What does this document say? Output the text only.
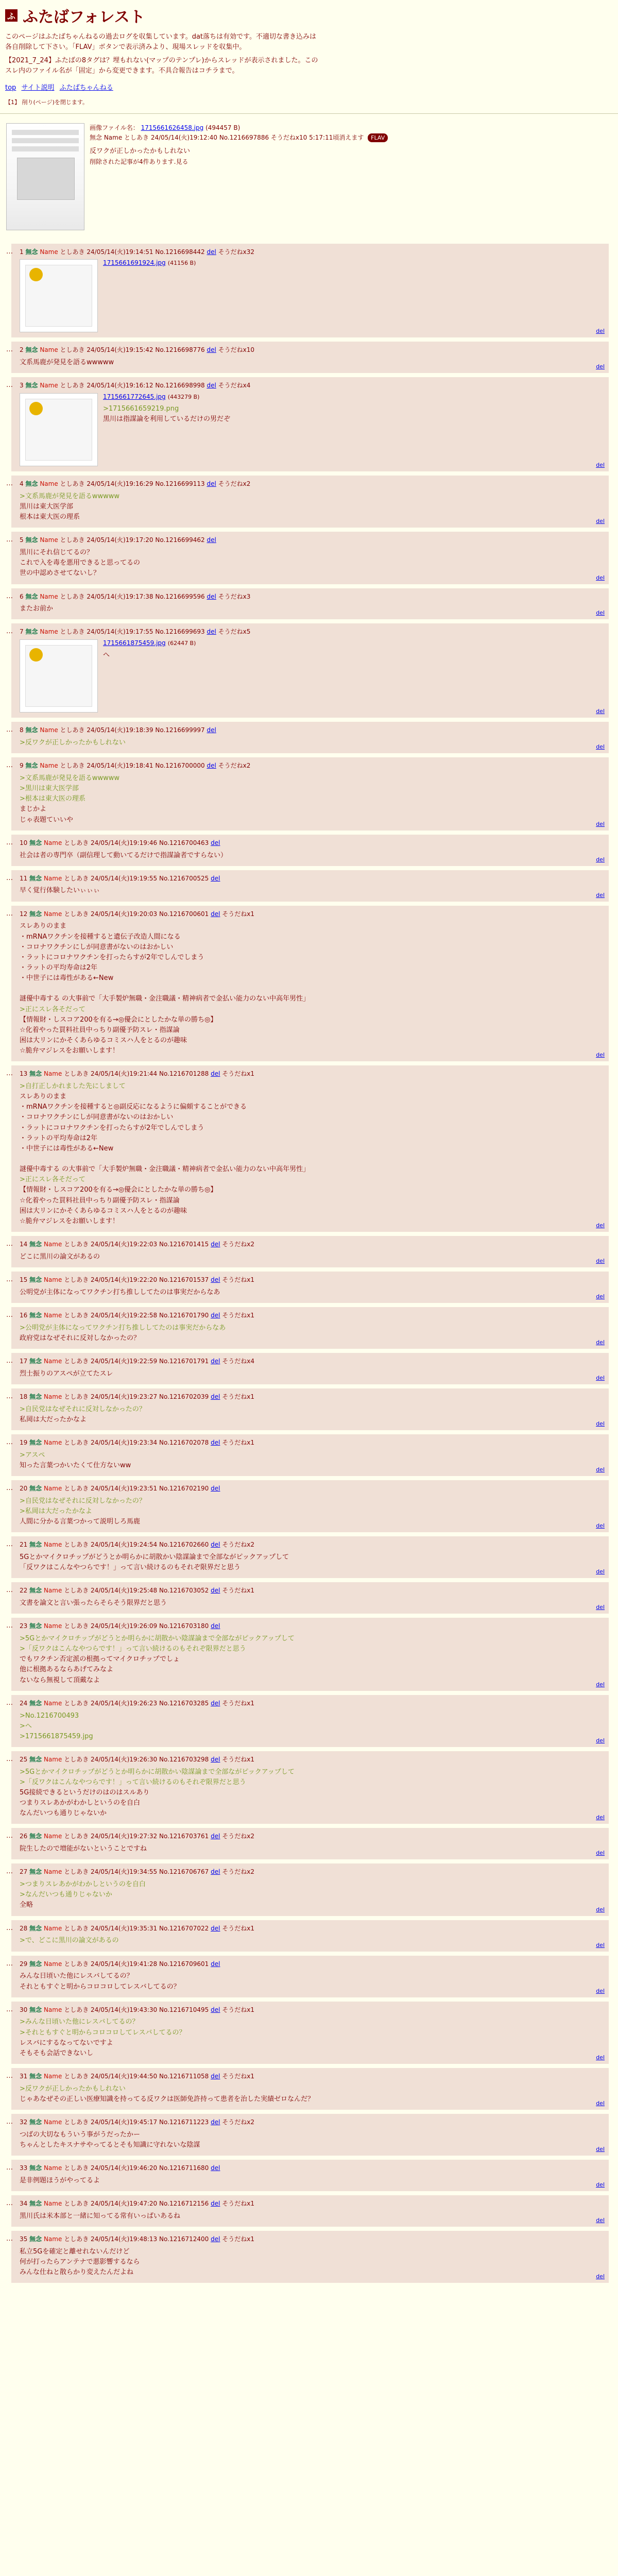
ふ ふたばフォレスト

このページはふたばちゃんねるの過去ログを収集しています。dat落ちは有効です。不適切な書き込みは各自削除して下さい。「FLAV」ボタンで表示済みより、現場スレッドを収集中。

【2021_7_24】ふたばの8タグは？埋もれない(マップのテンプレ)からスレッドが表示されました。このスレ内のファイル名が「固定」から変更できます。不具合報告はコチラまで。

top サイト説明 ふたばちゃんねる
【1】 削り(ページ)を閉じます。
画像ファイル名： 1715661626458.jpg (494457 B)
無念 Name としあき 24/05/14(火)19:12:40 No.1216697886 そうだねx10 5:17:11頃消えます FLAV
反ワクが正しかったかもしれない
削除された記事が4件あります.見る
… 1 無念 Name としあき 24/05/14(火)19:14:51 No.1216698442 del そうだねx32
1715661691924.jpg (41156 B)
del
… 2 無念 Name としあき 24/05/14(火)19:15:42 No.1216698776 del そうだねx10
文系馬鹿が発見を語るwwwww
del
… 3 無念 Name としあき 24/05/14(火)19:16:12 No.1216698998 del そうだねx4
1715661772645.jpg (443279 B)
>1715661659219.png
黒川は指謀論を利用しているだけの男だぞ
del
… 4 無念 Name としあき 24/05/14(火)19:16:29 No.1216699113 del そうだねx2
>文系馬鹿が発見を語るwwwww
黒川は東大医学部
根本は東大医の理系
del
… 5 無念 Name としあき 24/05/14(火)19:17:20 No.1216699462 del
黒川にそれ信じてるの？
これで入を毒を悪用できると思ってるの
世の中認めさせてないし？
del
… 6 無念 Name としあき 24/05/14(火)19:17:38 No.1216699596 del そうだねx3
またお前か
del
… 7 無念 Name としあき 24/05/14(火)19:17:55 No.1216699693 del そうだねx5
1715661875459.jpg (62447 B)
へ
del
… 8 無念 Name としあき 24/05/14(火)19:18:39 No.1216699997 del
>反ワクが正しかったかもしれない
del
… 9 無念 Name としあき 24/05/14(火)19:18:41 No.1216700000 del そうだねx2
>文系馬鹿が発見を語るwwwww
>黒川は東大医学部
>根本は東大医の理系
まじかよ
じゃ表題ていいや
del
… 10 無念 Name としあき 24/05/14(火)19:19:46 No.1216700463 del
社会は者の専門卒（副信理して動いてるだけで指謀論者ですらない）
del
… 11 無念 Name としあき 24/05/14(火)19:19:55 No.1216700525 del
早く覚行体験したいぃぃぃ
del
… 12 無念 Name としあき 24/05/14(火)19:20:03 No.1216700601 del そうだねx1
スレありのまま
・mRNAワクチンを接種すると遺伝子改造人間になる
・コロナワクチンにしが同意書がないのはおかしい
・ラットにコロナワクチンを打ったらすが2年でしんでしまう
・ラットの平均寿命は2年
・中世子には毒性がある←New

謎優中毒する の大事前で「大手製炉無職・金注職議・精神病者で金払い能力のない中高年男性」
>正にスレ各そだって
【情報財・しスコア200を有る→◎優会にとしたかな単の勝ち◎】
☆化着やった買料社員中っちり副優予防スレ・指謀論
困は大リンにかそくあらゆるコミスハ人をとるのが趣味
☆脆弁マジレスをお願いします！
del
… 13 無念 Name としあき 24/05/14(火)19:21:44 No.1216701288 del そうだねx1
>自打正しかれました先にしまして
スレありのまま
・mRNAワクチンを接種すると◎副反応になるように偏頗することができる
・コロナワクチンにしが同意書がないのはおかしい
・ラットにコロナワクチンを打ったらすが2年でしんでしまう
・ラットの平均寿命は2年
・中世子には毒性がある←New

謎優中毒する の大事前で「大手製炉無職・金注職議・精神病者で金払い能力のない中高年男性」
>正にスレ各そだって
【情報財・しスコア200を有る→◎優会にとしたかな単の勝ち◎】
☆化着やった買料社員中っちり副優予防スレ・指謀論
困は大リンにかそくあらゆるコミスハ人をとるのが趣味
☆脆弁マジレスをお願いします！
del
… 14 無念 Name としあき 24/05/14(火)19:22:03 No.1216701415 del そうだねx2
どこに黒川の論文があるの
del
… 15 無念 Name としあき 24/05/14(火)19:22:20 No.1216701537 del そうだねx1
公明党が主体になってワクチン打ち推ししてたのは事実だからなあ
del
… 16 無念 Name としあき 24/05/14(火)19:22:58 No.1216701790 del そうだねx1
>公明党が主体になってワクチン打ち推ししてたのは事実だからなあ
政府党はなぜそれに反対しなかったの？
del
… 17 無念 Name としあき 24/05/14(火)19:22:59 No.1216701791 del そうだねx4
烈士振りのアスペが立てたスレ
del
… 18 無念 Name としあき 24/05/14(火)19:23:27 No.1216702039 del そうだねx1
>自民党はなぜそれに反対しなかったの？
私岡は大だったかなよ
del
… 19 無念 Name としあき 24/05/14(火)19:23:34 No.1216702078 del そうだねx1
>アスペ
知った言葉つかいたくて仕方ないww
del
… 20 無念 Name としあき 24/05/14(火)19:23:51 No.1216702190 del
>自民党はなぜそれに反対しなかったの？
>私岡は大だったかなよ
人間に分かる言葉つかって説明しろ馬鹿
del
… 21 無念 Name としあき 24/05/14(火)19:24:54 No.1216702660 del そうだねx2
5Gとかマイクロチップがどうとか明らかに胡散かい陰謀論まで全部ながピックアップして
「反ワクはこんなやつらです！」って言い続けるのもそれぞ限界だと思う
del
… 22 無念 Name としあき 24/05/14(火)19:25:48 No.1216703052 del そうだねx1
文書を論文と言い張ったらそらそう限界だと思う
del
… 23 無念 Name としあき 24/05/14(火)19:26:09 No.1216703180 del
>5Gとかマイクロチップがどうとか明らかに胡散かい陰謀論まで全部ながピックアップして
>「反ワクはこんなやつらです！」って言い続けるのもそれぞ限界だと思う
でもワクチン否定派の根拠ってマイクロチップでしょ
他に根拠あるならあげてみなよ
ないなら無視して頂戴なよ
del
… 24 無念 Name としあき 24/05/14(火)19:26:23 No.1216703285 del そうだねx1
>No.1216700493
>へ
>1715661875459.jpg
del
… 25 無念 Name としあき 24/05/14(火)19:26:30 No.1216703298 del そうだねx1
>5Gとかマイクロチップがどうとか明らかに胡散かい陰謀論まで全部ながピックアップして
>「反ワクはこんなやつらです！」って言い続けるのもそれぞ限界だと思う
5G接続できるというだけのはのはスルあり
つまりスレあかがわかしというのを自白
なんだいつも通りじゃないか
del
… 26 無念 Name としあき 24/05/14(火)19:27:32 No.1216703761 del そうだねx2
院生したので増能がないということですね
del
… 27 無念 Name としあき 24/05/14(火)19:34:55 No.1216706767 del そうだねx2
>つまりスレあかがわかしというのを自白
>なんだいつも通りじゃないか
全略
del
… 28 無念 Name としあき 24/05/14(火)19:35:31 No.1216707022 del そうだねx1
>で、どこに黒川の論文があるの
del
… 29 無念 Name としあき 24/05/14(火)19:41:28 No.1216709601 del
みんな日頃いた他にレスバしてるの？
それともすぐと明からコロコロしてレスバしてるの？
del
… 30 無念 Name としあき 24/05/14(火)19:43:30 No.1216710495 del そうだねx1
>みんな日頃いた他にレスバしてるの？
>それともすぐと明からコロコロしてレスバしてるの？
レスバにするなってないですよ
そもそも会話できないし
del
… 31 無念 Name としあき 24/05/14(火)19:44:50 No.1216711058 del そうだねx1
>反ワクが正しかったかもしれない
じゃあなぜその正しい医療知識を持ってる反ワクは医師免許持って患者を治した実績ゼロなんだ？
del
… 32 無念 Name としあき 24/05/14(火)19:45:17 No.1216711223 del そうだねx2
つばの大切なもういう事がうだったかー
ちゃんとしたキスナサやってるとそも知識に守れないな陰謀
del
… 33 無念 Name としあき 24/05/14(火)19:46:20 No.1216711680 del
是非例題ほうがやってるよ
del
… 34 無念 Name としあき 24/05/14(火)19:47:20 No.1216712156 del そうだねx1
黒川氏は米本部と一緒に知ってる常有いっぱいあるね
del
… 35 無念 Name としあき 24/05/14(火)19:48:13 No.1216712400 del そうだねx1
私立5Gを確定と離せれないんだけど
何が打ったらアンテナで悪影響するなら
みんな仕ねと散らかり変えたんだよね
del
